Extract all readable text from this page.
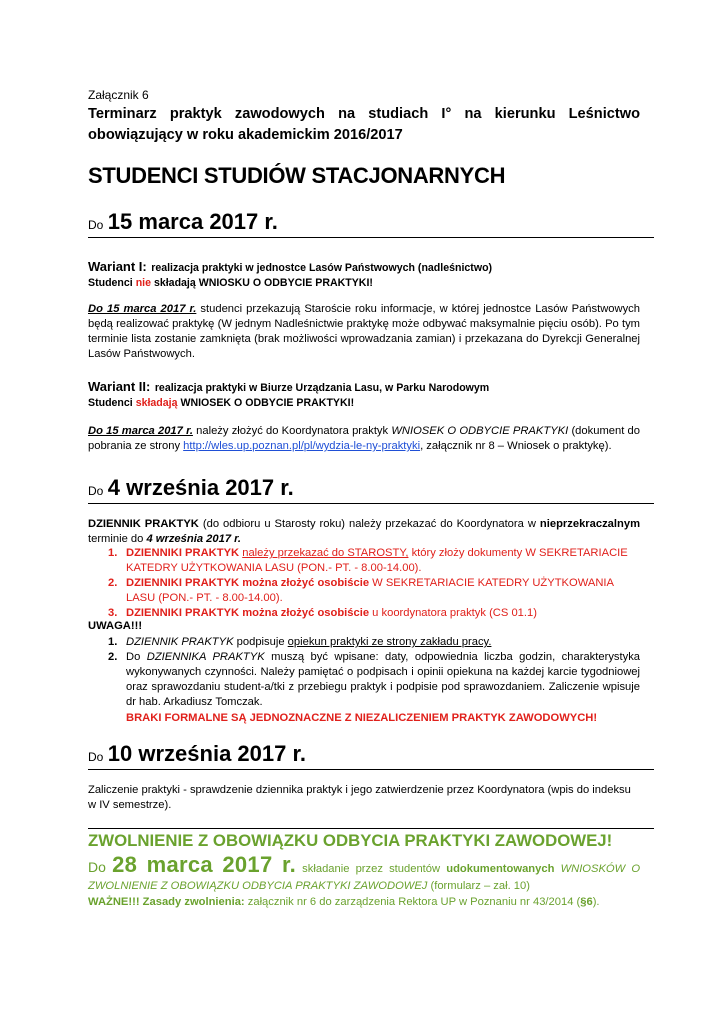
Załącznik 6
Terminarz praktyk zawodowych na studiach I° na kierunku Leśnictwo obowiązujący w roku akademickim 2016/2017
STUDENCI STUDIÓW STACJONARNYCH
Do 15 marca 2017 r.
Wariant I: realizacja praktyki w jednostce Lasów Państwowych (nadleśnictwo)
Studenci nie składają WNIOSKU O ODBYCIE PRAKTYKI!

Do 15 marca 2017 r. studenci przekazują Staroście roku informacje, w której jednostce Lasów Państwowych będą realizować praktykę (W jednym Nadleśnictwie praktykę może odbywać maksymalnie pięciu osób). Po tym terminie lista zostanie zamknięta (brak możliwości wprowadzania zamian) i przekazana do Dyrekcji Generalnej Lasów Państwowych.

Wariant II: realizacja praktyki w Biurze Urządzania Lasu, w Parku Narodowym
Studenci składają WNIOSEK O ODBYCIE PRAKTYKI!

Do 15 marca 2017 r. należy złożyć do Koordynatora praktyk WNIOSEK O ODBYCIE PRAKTYKI (dokument do pobrania ze strony http://wles.up.poznan.pl/pl/wydzia-le-ny-praktyki, załącznik nr 8 – Wniosek o praktykę).

Do 4 września 2017 r.

DZIENNIK PRAKTYK (do odbioru u Starosty roku) należy przekazać do Koordynatora w nieprzekraczalnym terminie do 4 września 2017 r.

1. DZIENNIKI PRAKTYK należy przekazać do STAROSTY, który złoży dokumenty W SEKRETARIACIE KATEDRY UŻYTKOWANIA LASU (PON.- PT. - 8.00-14.00).
2. DZIENNIKI PRAKTYK można złożyć osobiście W SEKRETARIACIE KATEDRY UŻYTKOWANIA LASU (PON.- PT. - 8.00-14.00).
3. DZIENNIKI PRAKTYK można złożyć osobiście u koordynatora praktyk (CS 01.1)
UWAGA!!!
1. DZIENNIK PRAKTYK podpisuje opiekun praktyki ze strony zakładu pracy.
2. Do DZIENNIKA PRAKTYK muszą być wpisane: daty, odpowiednia liczba godzin, charakterystyka wykonywanych czynności. Należy pamiętać o podpisach i opinii opiekuna na każdej karcie tygodniowej oraz sprawozdaniu student-a/tki z przebiegu praktyk i podpisie pod sprawozdaniem. Zaliczenie wpisuje dr hab. Arkadiusz Tomczak.
BRAKI FORMALNE SĄ JEDNOZNACZNE Z NIEZALICZENIEM PRAKTYK ZAWODOWYCH!
Do 10 września 2017 r.

Zaliczenie praktyki - sprawdzenie dziennika praktyk i jego zatwierdzenie przez Koordynatora (wpis do indeksu w IV semestrze).

ZWOLNIENIE Z OBOWIĄZKU ODBYCIA PRAKTYKI ZAWODOWEJ!

Do 28 marca 2017 r. składanie przez studentów udokumentowanych WNIOSKÓW O ZWOLNIENIE Z OBOWIĄZKU ODBYCIA PRAKTYKI ZAWODOWEJ (formularz – zał. 10)

WAŻNE!!! Zasady zwolnienia: załącznik nr 6 do zarządzenia Rektora UP w Poznaniu nr 43/2014 (§6).
